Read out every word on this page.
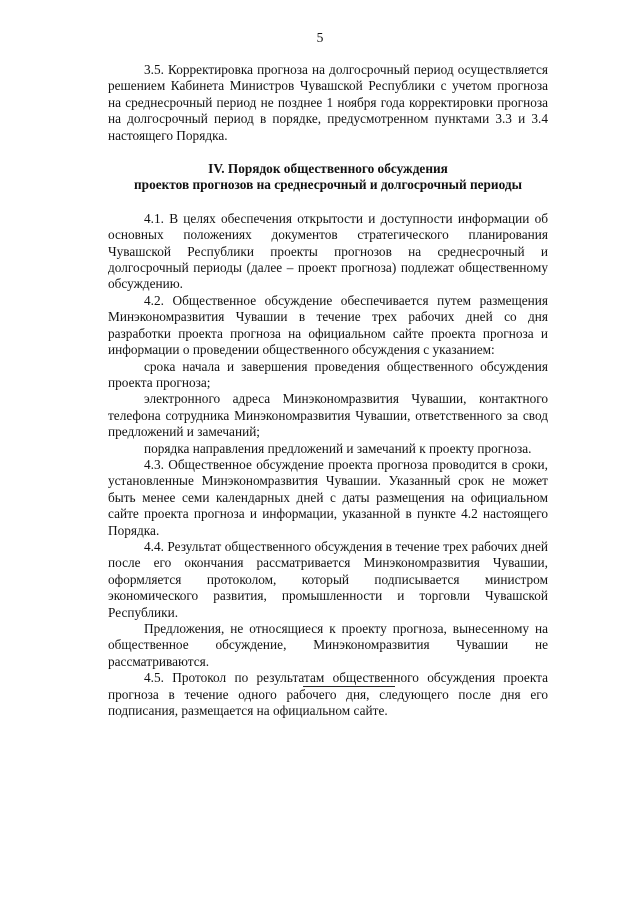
5

3.5. Корректировка прогноза на долгосрочный период осуществляется решением Кабинета Министров Чувашской Республики с учетом прогноза на среднесрочный период не позднее 1 ноября года корректировки прогноза на долгосрочный период в порядке, предусмотренном пунктами 3.3 и 3.4 настоящего Порядка.

IV. Порядок общественного обсуждения
проектов прогнозов на среднесрочный и долгосрочный периоды

4.1. В целях обеспечения открытости и доступности информации об основных положениях документов стратегического планирования Чувашской Республики проекты прогнозов на среднесрочный и долгосрочный периоды (далее – проект прогноза) подлежат общественному обсуждению.

4.2. Общественное обсуждение обеспечивается путем размещения Минэкономразвития Чувашии в течение трех рабочих дней со дня разработки проекта прогноза на официальном сайте проекта прогноза и информации о проведении общественного обсуждения с указанием:

срока начала и завершения проведения общественного обсуждения проекта прогноза;

электронного адреса Минэкономразвития Чувашии, контактного телефона сотрудника Минэкономразвития Чувашии, ответственного за свод предложений и замечаний;

порядка направления предложений и замечаний к проекту прогноза.

4.3. Общественное обсуждение проекта прогноза проводится в сроки, установленные Минэкономразвития Чувашии. Указанный срок не может быть менее семи календарных дней с даты размещения на официальном сайте проекта прогноза и информации, указанной в пункте 4.2 настоящего Порядка.

4.4. Результат общественного обсуждения в течение трех рабочих дней после его окончания рассматривается Минэкономразвития Чувашии, оформляется протоколом, который подписывается министром экономического развития, промышленности и торговли Чувашской Республики.

Предложения, не относящиеся к проекту прогноза, вынесенному на общественное обсуждение, Минэкономразвития Чувашии не рассматриваются.

4.5. Протокол по результатам общественного обсуждения проекта прогноза в течение одного рабочего дня, следующего после дня его подписания, размещается на официальном сайте.
